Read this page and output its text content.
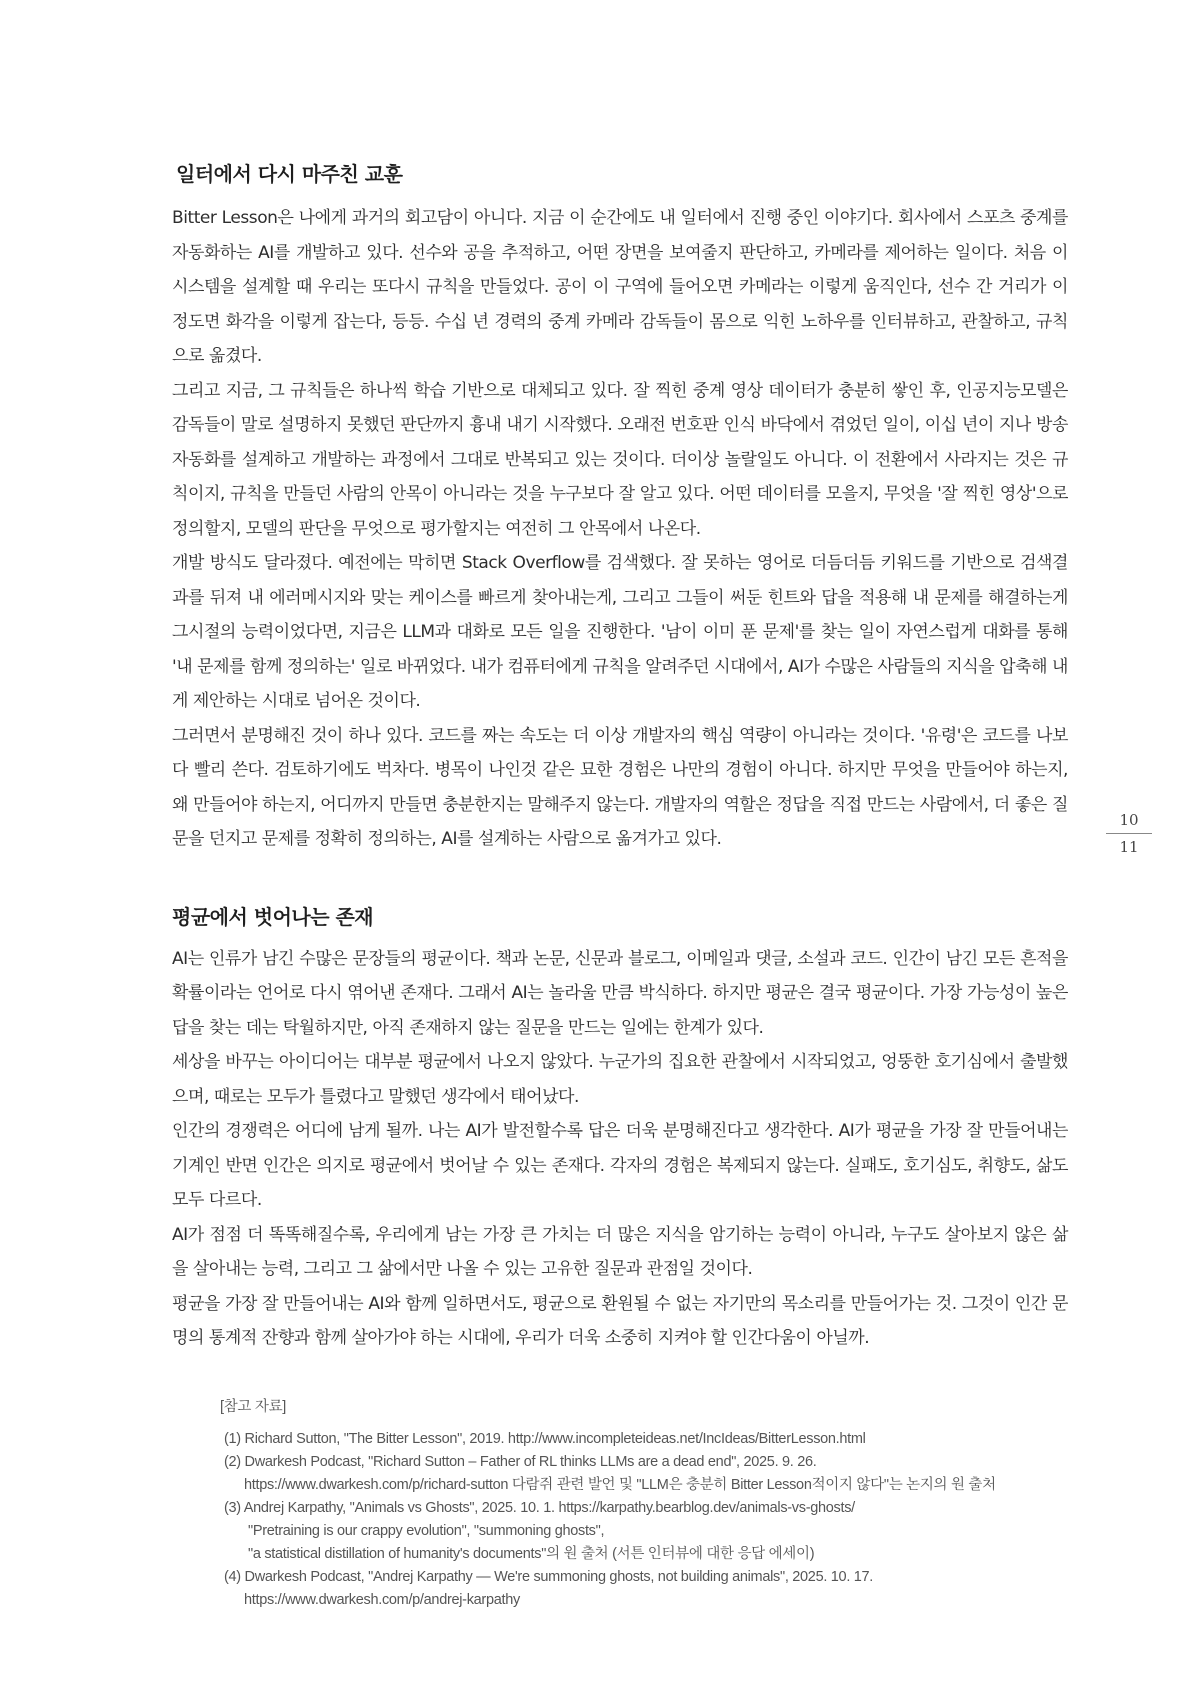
일터에서 다시 마주친 교훈

Bitter Lesson은 나에게 과거의 회고담이 아니다. 지금 이 순간에도 내 일터에서 진행 중인 이야기다. 회사에서 스포츠 중계를 자동화하는 AI를 개발하고 있다. 선수와 공을 추적하고, 어떤 장면을 보여줄지 판단하고, 카메라를 제어하는 일이다. 처음 이 시스템을 설계할 때 우리는 또다시 규칙을 만들었다. 공이 이 구역에 들어오면 카메라는 이렇게 움직인다, 선수 간 거리가 이 정도면 화각을 이렇게 잡는다, 등등. 수십 년 경력의 중계 카메라 감독들이 몸으로 익힌 노하우를 인터뷰하고, 관찰하고, 규칙으로 옮겼다.

그리고 지금, 그 규칙들은 하나씩 학습 기반으로 대체되고 있다. 잘 찍힌 중계 영상 데이터가 충분히 쌓인 후, 인공지능모델은 감독들이 말로 설명하지 못했던 판단까지 흉내 내기 시작했다. 오래전 번호판 인식 바닥에서 겪었던 일이, 이십 년이 지나 방송자동화를 설계하고 개발하는 과정에서 그대로 반복되고 있는 것이다. 더이상 놀랄일도 아니다. 이 전환에서 사라지는 것은 규칙이지, 규칙을 만들던 사람의 안목이 아니라는 것을 누구보다 잘 알고 있다. 어떤 데이터를 모을지, 무엇을 '잘 찍힌 영상'으로 정의할지, 모델의 판단을 무엇으로 평가할지는 여전히 그 안목에서 나온다.

개발 방식도 달라졌다. 예전에는 막히면 Stack Overflow를 검색했다. 잘 못하는 영어로 더듬더듬 키워드를 기반으로 검색결과를 뒤져 내 에러메시지와 맞는 케이스를 빠르게 찾아내는게, 그리고 그들이 써둔 힌트와 답을 적용해 내 문제를 해결하는게 그시절의 능력이었다면, 지금은 LLM과 대화로 모든 일을 진행한다. '남이 이미 푼 문제'를 찾는 일이 자연스럽게 대화를 통해 '내 문제를 함께 정의하는' 일로 바뀌었다. 내가 컴퓨터에게 규칙을 알려주던 시대에서, AI가 수많은 사람들의 지식을 압축해 내게 제안하는 시대로 넘어온 것이다.

그러면서 분명해진 것이 하나 있다. 코드를 짜는 속도는 더 이상 개발자의 핵심 역량이 아니라는 것이다. '유령'은 코드를 나보다 빨리 쓴다. 검토하기에도 벅차다. 병목이 나인것 같은 묘한 경험은 나만의 경험이 아니다. 하지만 무엇을 만들어야 하는지, 왜 만들어야 하는지, 어디까지 만들면 충분한지는 말해주지 않는다. 개발자의 역할은 정답을 직접 만드는 사람에서, 더 좋은 질문을 던지고 문제를 정확히 정의하는, AI를 설계하는 사람으로 옮겨가고 있다.

평균에서 벗어나는 존재

AI는 인류가 남긴 수많은 문장들의 평균이다. 책과 논문, 신문과 블로그, 이메일과 댓글, 소설과 코드. 인간이 남긴 모든 흔적을 확률이라는 언어로 다시 엮어낸 존재다. 그래서 AI는 놀라울 만큼 박식하다. 하지만 평균은 결국 평균이다. 가장 가능성이 높은 답을 찾는 데는 탁월하지만, 아직 존재하지 않는 질문을 만드는 일에는 한계가 있다.

세상을 바꾸는 아이디어는 대부분 평균에서 나오지 않았다. 누군가의 집요한 관찰에서 시작되었고, 엉뚱한 호기심에서 출발했으며, 때로는 모두가 틀렸다고 말했던 생각에서 태어났다.

인간의 경쟁력은 어디에 남게 될까. 나는 AI가 발전할수록 답은 더욱 분명해진다고 생각한다. AI가 평균을 가장 잘 만들어내는 기계인 반면 인간은 의지로 평균에서 벗어날 수 있는 존재다. 각자의 경험은 복제되지 않는다. 실패도, 호기심도, 취향도, 삶도 모두 다르다.

AI가 점점 더 똑똑해질수록, 우리에게 남는 가장 큰 가치는 더 많은 지식을 암기하는 능력이 아니라, 누구도 살아보지 않은 삶을 살아내는 능력, 그리고 그 삶에서만 나올 수 있는 고유한 질문과 관점일 것이다.

평균을 가장 잘 만들어내는 AI와 함께 일하면서도, 평균으로 환원될 수 없는 자기만의 목소리를 만들어가는 것. 그것이 인간 문명의 통계적 잔향과 함께 살아가야 하는 시대에, 우리가 더욱 소중히 지켜야 할 인간다움이 아닐까.

[참고 자료]
(1) Richard Sutton, "The Bitter Lesson", 2019. http://www.incompleteideas.net/IncIdeas/BitterLesson.html
(2) Dwarkesh Podcast, "Richard Sutton – Father of RL thinks LLMs are a dead end", 2025. 9. 26.
https://www.dwarkesh.com/p/richard-sutton 다람쥐 관련 발언 및 "LLM은 충분히 Bitter Lesson적이지 않다"는 논지의 원 출처
(3) Andrej Karpathy, "Animals vs Ghosts", 2025. 10. 1. https://karpathy.bearblog.dev/animals-vs-ghosts/
"Pretraining is our crappy evolution", "summoning ghosts",
"a statistical distillation of humanity's documents"의 원 출처 (서튼 인터뷰에 대한 응답 에세이)
(4) Dwarkesh Podcast, "Andrej Karpathy — We're summoning ghosts, not building animals", 2025. 10. 17.
https://www.dwarkesh.com/p/andrej-karpathy
10
11
